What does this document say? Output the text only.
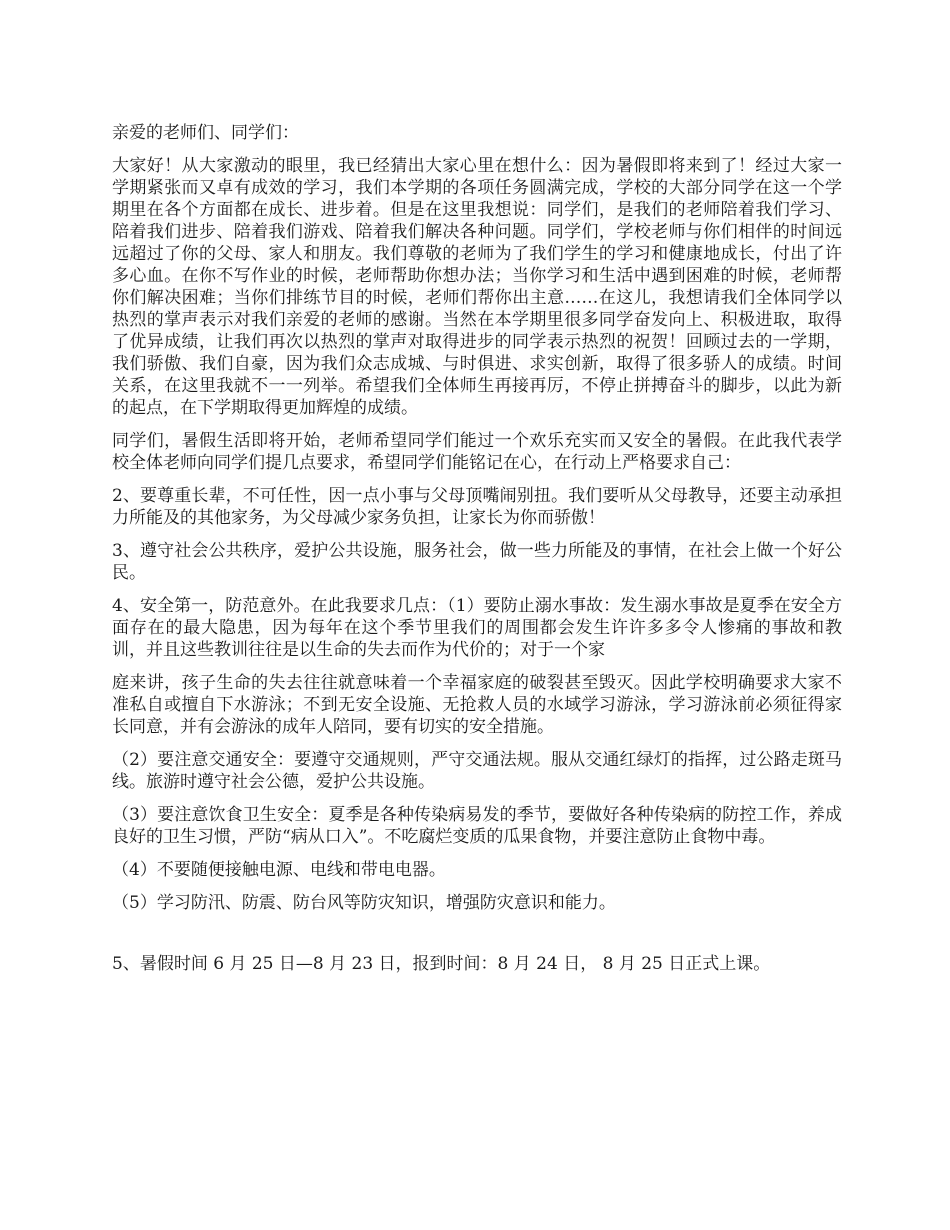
亲爱的老师们、同学们：

大家好！从大家激动的眼里，我已经猜出大家心里在想什么：因为暑假即将来到了！经过大家一学期紧张而又卓有成效的学习，我们本学期的各项任务圆满完成，学校的大部分同学在这一个学期里在各个方面都在成长、进步着。但是在这里我想说：同学们，是我们的老师陪着我们学习、陪着我们进步、陪着我们游戏、陪着我们解决各种问题。同学们，学校老师与你们相伴的时间远远超过了你的父母、家人和朋友。我们尊敬的老师为了我们学生的学习和健康地成长，付出了许多心血。在你不写作业的时候，老师帮助你想办法；当你学习和生活中遇到困难的时候，老师帮你们解决困难；当你们排练节目的时候，老师们帮你出主意……在这儿，我想请我们全体同学以热烈的掌声表示对我们亲爱的老师的感谢。当然在本学期里很多同学奋发向上、积极进取，取得了优异成绩，让我们再次以热烈的掌声对取得进步的同学表示热烈的祝贺！回顾过去的一学期，我们骄傲、我们自豪，因为我们众志成城、与时俱进、求实创新，取得了很多骄人的成绩。时间关系，在这里我就不一一列举。希望我们全体师生再接再厉，不停止拼搏奋斗的脚步，以此为新的起点，在下学期取得更加辉煌的成绩。

同学们，暑假生活即将开始，老师希望同学们能过一个欢乐充实而又安全的暑假。在此我代表学校全体老师向同学们提几点要求，希望同学们能铭记在心，在行动上严格要求自己：

2、要尊重长辈，不可任性，因一点小事与父母顶嘴闹别扭。我们要听从父母教导，还要主动承担力所能及的其他家务，为父母减少家务负担，让家长为你而骄傲！

3、遵守社会公共秩序，爱护公共设施，服务社会，做一些力所能及的事情，在社会上做一个好公民。

4、安全第一，防范意外。在此我要求几点：（1）要防止溺水事故：发生溺水事故是夏季在安全方面存在的最大隐患，因为每年在这个季节里我们的周围都会发生许许多多令人惨痛的事故和教训，并且这些教训往往是以生命的失去而作为代价的；对于一个家

庭来讲，孩子生命的失去往往就意味着一个幸福家庭的破裂甚至毁灭。因此学校明确要求大家不准私自或擅自下水游泳；不到无安全设施、无抢救人员的水域学习游泳，学习游泳前必须征得家长同意，并有会游泳的成年人陪同，要有切实的安全措施。

（2）要注意交通安全：要遵守交通规则，严守交通法规。服从交通红绿灯的指挥，过公路走斑马线。旅游时遵守社会公德，爱护公共设施。

（3）要注意饮食卫生安全：夏季是各种传染病易发的季节，要做好各种传染病的防控工作，养成良好的卫生习惯，严防“病从口入”。不吃腐烂变质的瓜果食物，并要注意防止食物中毒。

（4）不要随便接触电源、电线和带电电器。

（5）学习防汛、防震、防台风等防灾知识，增强防灾意识和能力。

5、暑假时间 6 月 25 日—8 月 23 日，报到时间：8 月 24 日， 8 月 25 日正式上课。
